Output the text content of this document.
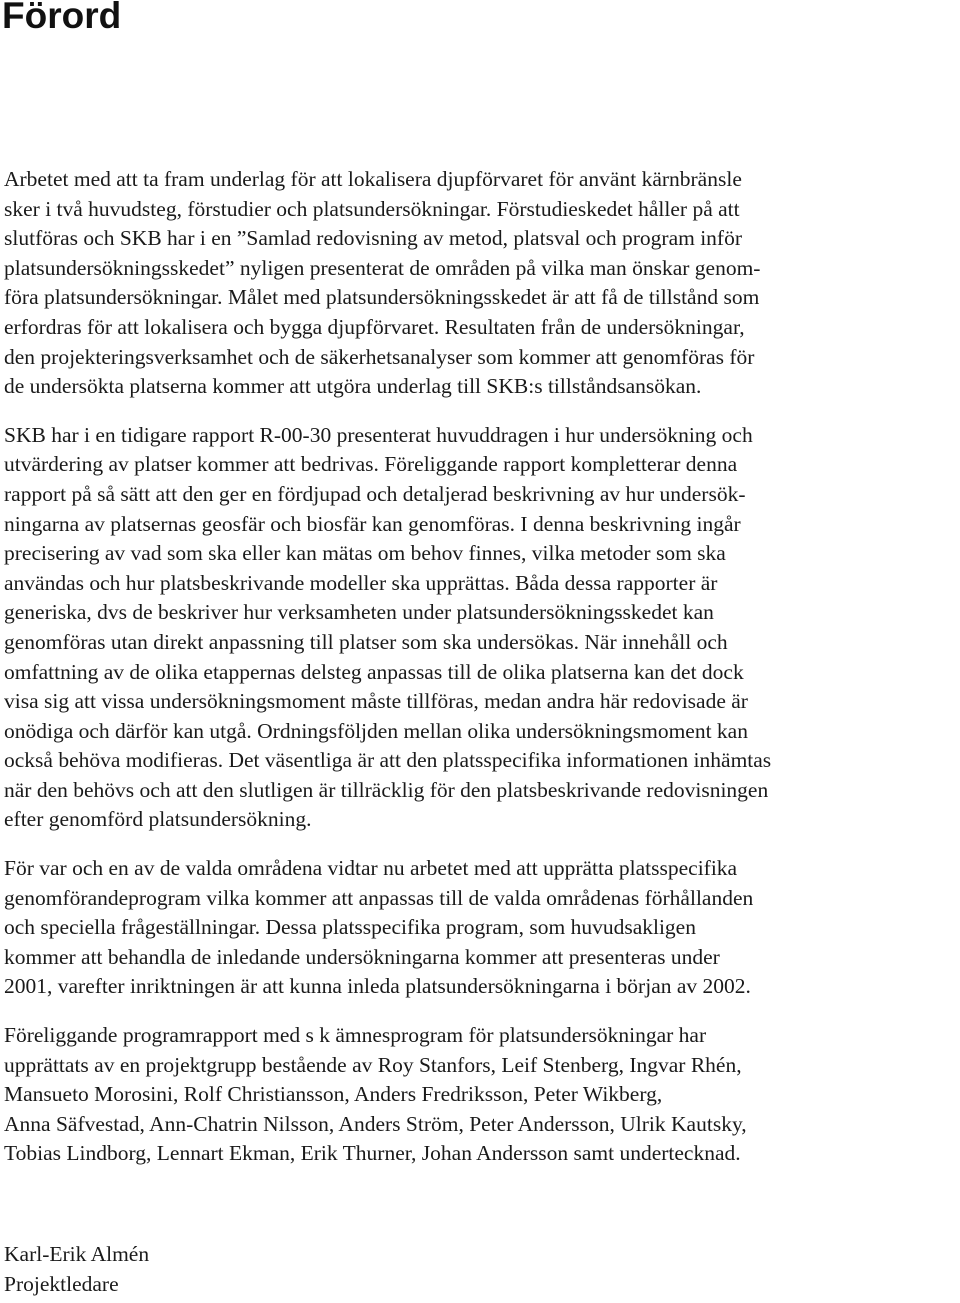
Förord
Arbetet med att ta fram underlag för att lokalisera djupförvaret för använt kärnbränsle
sker i två huvudsteg, förstudier och platsundersökningar. Förstudieskedet håller på att
slutföras och SKB har i en ”Samlad redovisning av metod, platsval och program inför
platsundersökningsskedet” nyligen presenterat de områden på vilka man önskar genom-
föra platsundersökningar. Målet med platsundersökningsskedet är att få de tillstånd som
erfordras för att lokalisera och bygga djupförvaret. Resultaten från de undersökningar,
den projekteringsverksamhet och de säkerhetsanalyser som kommer att genomföras för
de undersökta platserna kommer att utgöra underlag till SKB:s tillståndsansökan.
SKB har i en tidigare rapport R-00-30 presenterat huvuddragen i hur undersökning och
utvärdering av platser kommer att bedrivas. Föreliggande rapport kompletterar denna
rapport på så sätt att den ger en fördjupad och detaljerad beskrivning av hur undersök-
ningarna av platsernas geosfär och biosfär kan genomföras. I denna beskrivning ingår
precisering av vad som ska eller kan mätas om behov finnes, vilka metoder som ska
användas och hur platsbeskrivande modeller ska upprättas. Båda dessa rapporter är
generiska, dvs de beskriver hur verksamheten under platsundersökningsskedet kan
genomföras utan direkt anpassning till platser som ska undersökas. När innehåll och
omfattning av de olika etappernas delsteg anpassas till de olika platserna kan det dock
visa sig att vissa undersökningsmoment måste tillföras, medan andra här redovisade är
onödiga och därför kan utgå. Ordningsföljden mellan olika undersökningsmoment kan
också behöva modifieras. Det väsentliga är att den platsspecifika informationen inhämtas
när den behövs och att den slutligen är tillräcklig för den platsbeskrivande redovisningen
efter genomförd platsundersökning.
För var och en av de valda områdena vidtar nu arbetet med att upprätta platsspecifika
genomförandeprogram vilka kommer att anpassas till de valda områdenas förhållanden
och speciella frågeställningar. Dessa platsspecifika program, som huvudsakligen
kommer att behandla de inledande undersökningarna kommer att presenteras under
2001, varefter inriktningen är att kunna inleda platsundersökningarna i början av 2002.
Föreliggande programrapport med s k ämnesprogram för platsundersökningar har
upprättats av en projektgrupp bestående av Roy Stanfors, Leif Stenberg, Ingvar Rhén,
Mansueto Morosini, Rolf Christiansson, Anders Fredriksson, Peter Wikberg,
Anna Säfvestad, Ann-Chatrin Nilsson, Anders Ström, Peter Andersson, Ulrik Kautsky,
Tobias Lindborg, Lennart Ekman, Erik Thurner, Johan Andersson samt undertecknad.
Karl-Erik Almén
Projektledare
